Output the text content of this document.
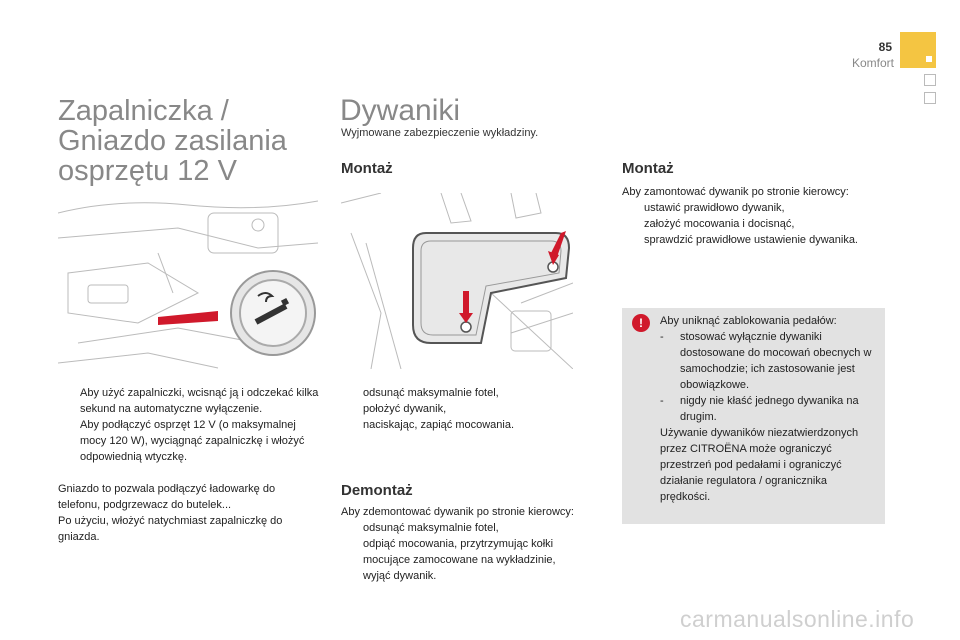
85
Komfort
Zapalniczka /
Gniazdo zasilania
osprzętu 12 V
Aby użyć zapalniczki, wcisnąć ją i odczekać kilka sekund na automatyczne wyłączenie.
Aby podłączyć osprzęt 12 V (o maksymalnej mocy 120 W), wyciągnąć zapalniczkę i włożyć odpowiednią wtyczkę.

Gniazdo to pozwala podłączyć ładowarkę do telefonu, podgrzewacz do butelek...

Po użyciu, włożyć natychmiast zapalniczkę do gniazda.

Dywaniki
Wyjmowane zabezpieczenie wykładziny.
Montaż
odsunąć maksymalnie fotel,
położyć dywanik,
naciskając, zapiąć mocowania.
Demontaż

Aby zdemontować dywanik po stronie kierowcy:

odsunąć maksymalnie fotel,
odpiąć mocowania, przytrzymując kołki mocujące zamocowane na wykładzinie,
wyjąć dywanik.
Montaż

Aby zamontować dywanik po stronie kierowcy:

ustawić prawidłowo dywanik,
założyć mocowania i docisnąć,
sprawdzić prawidłowe ustawienie dywanika.
!	Aby uniknąć zablokowania pedałów:

- stosować wyłącznie dywaniki dostosowane do mocowań obecnych w samochodzie; ich zastosowanie jest obowiązkowe.
- nigdy nie kłaść jednego dywanika na drugim.

Używanie dywaników niezatwierdzonych przez CITROËNA może ograniczyć przestrzeń pod pedałami i ograniczyć działanie regulatora / ogranicznika prędkości.

carmanualsonline.info
